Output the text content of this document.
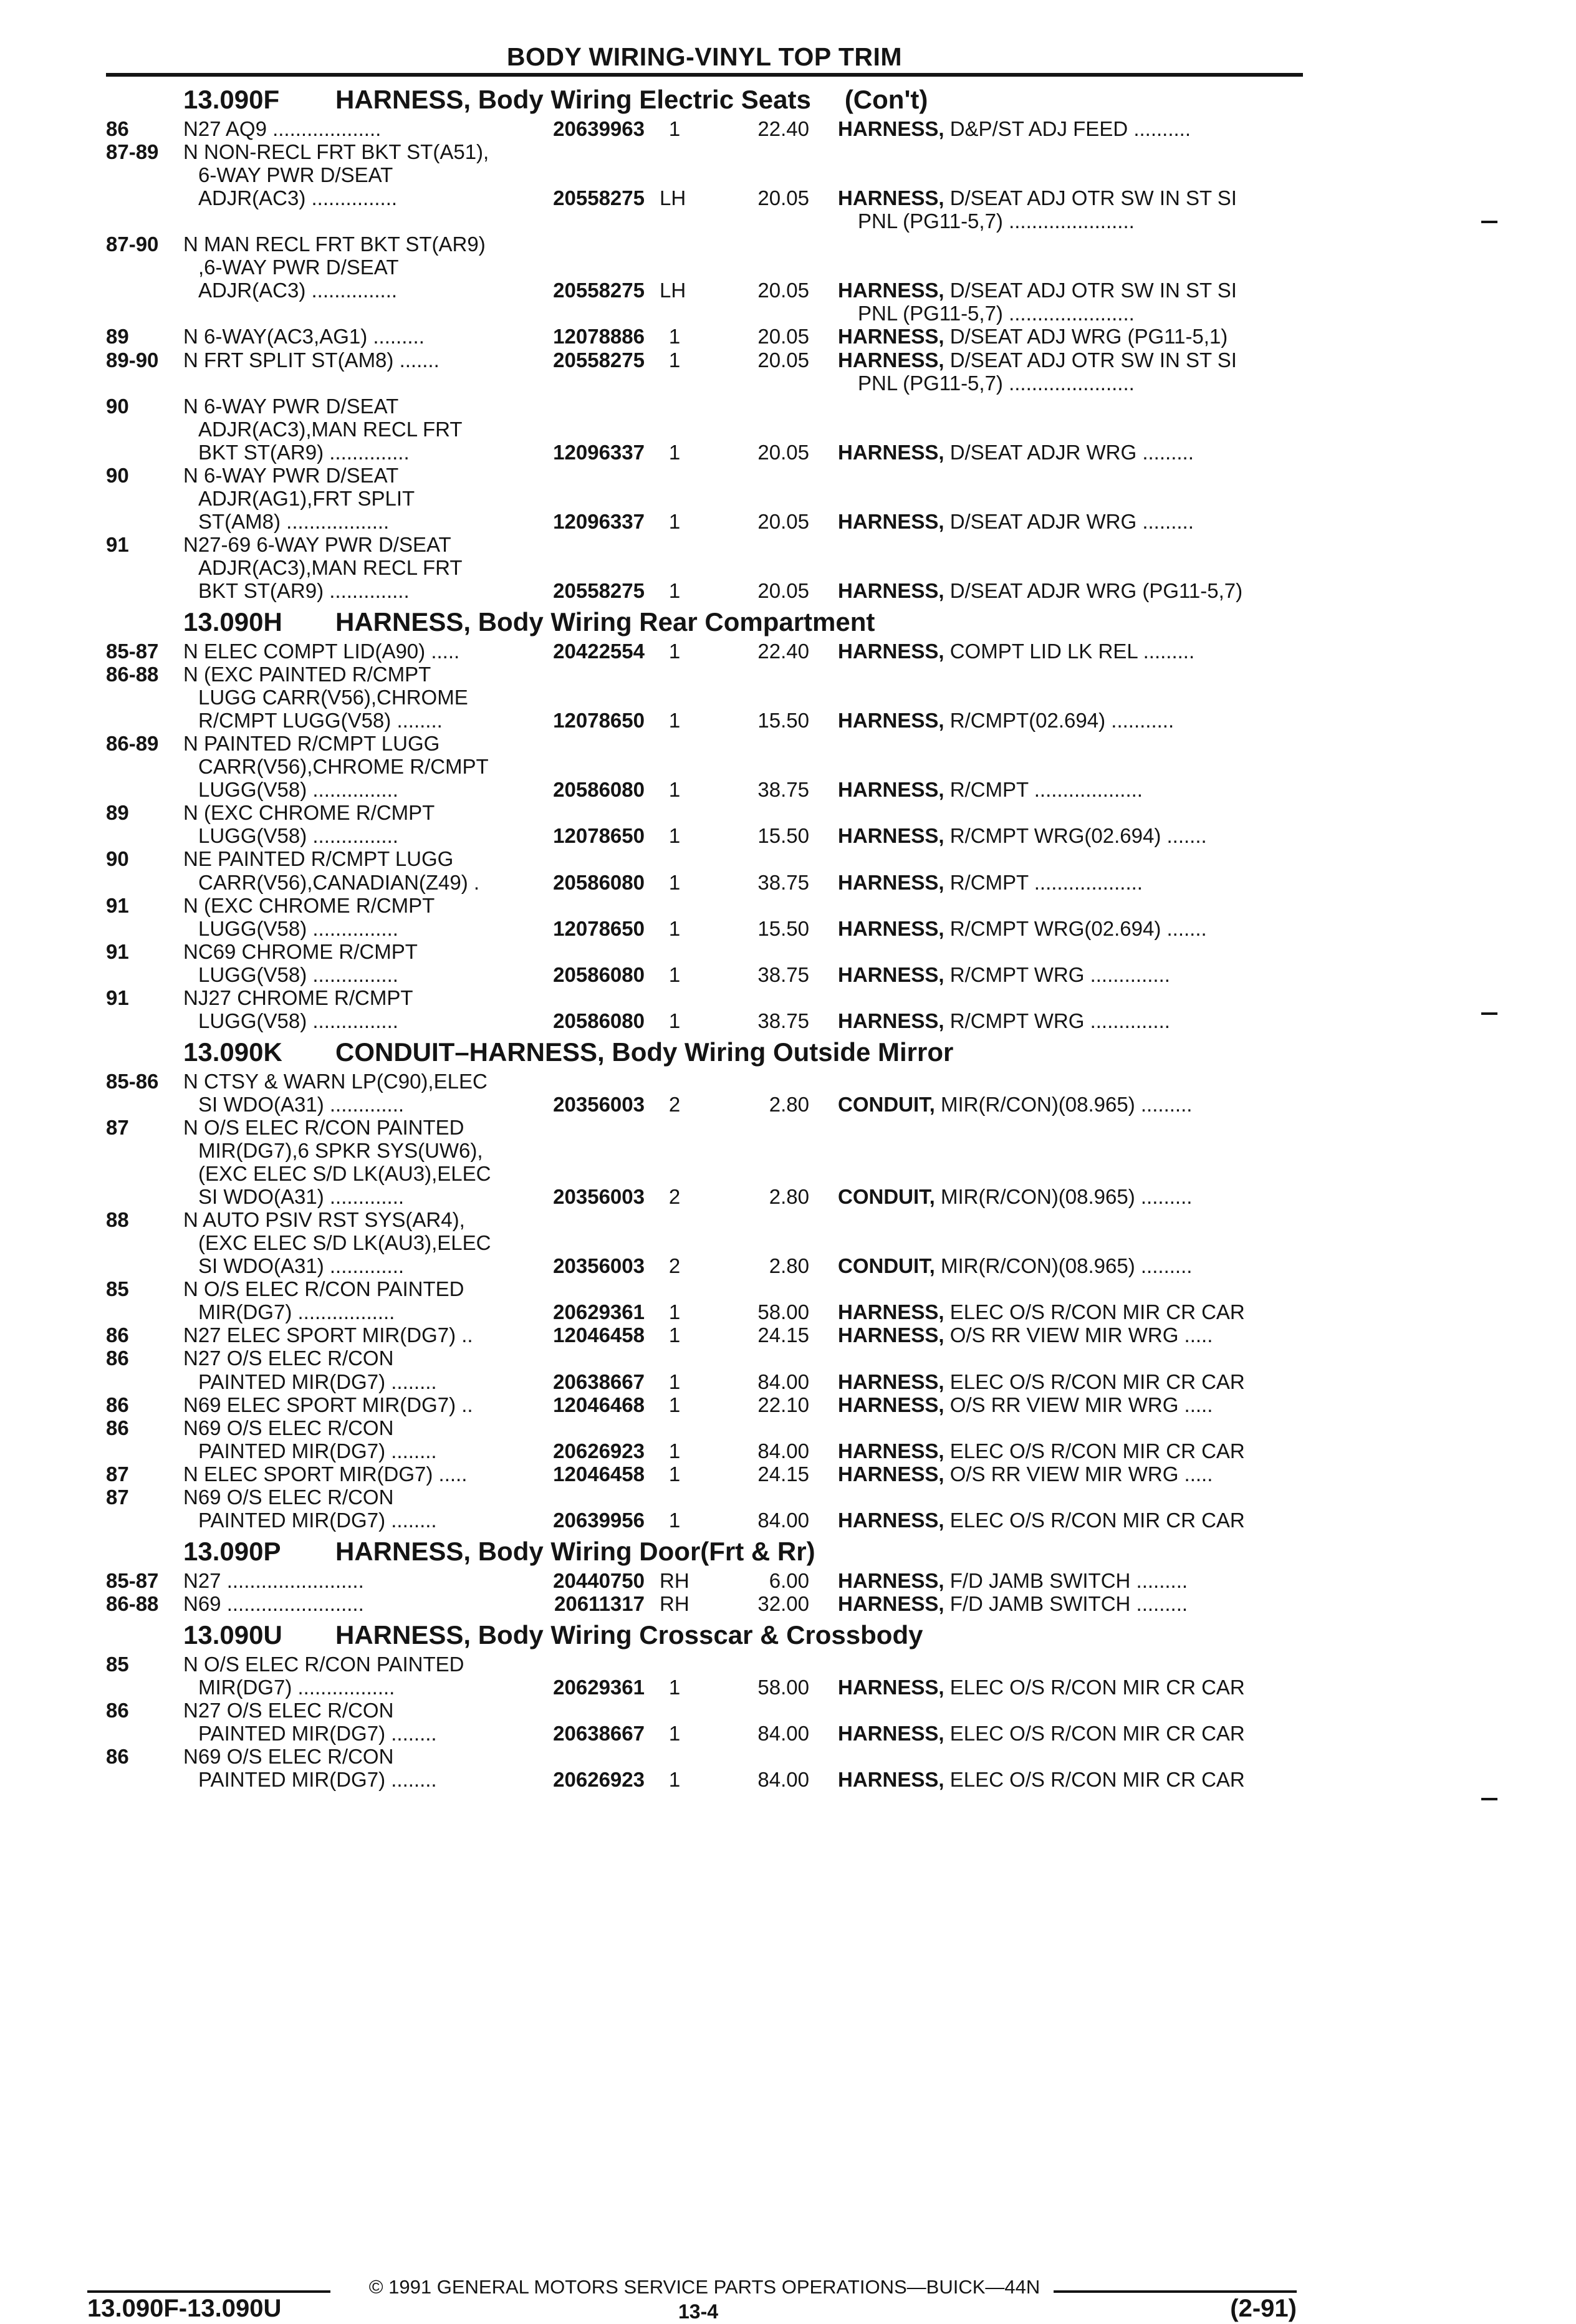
BODY WIRING-VINYL TOP TRIM
13.090F HARNESS, Body Wiring Electric Seats (Con't)
86	N27 AQ9 ...................	20639963	1	22.40 HARNESS, D&P/ST ADJ FEED ..........
87-89	N NON-RECL FRT BKT ST(A51),
6-WAY PWR D/SEAT
ADJR(AC3) ...............	20558275 LH	20.05 HARNESS, D/SEAT ADJ OTR SW IN ST SI
PNL (PG11-5,7) ......................
87-90	N MAN RECL FRT BKT ST(AR9)
,6-WAY PWR D/SEAT
ADJR(AC3) ...............	20558275 LH	20.05 HARNESS, D/SEAT ADJ OTR SW IN ST SI
PNL (PG11-5,7) ......................
89	N 6-WAY(AC3,AG1) .........	12078886	1	20.05 HARNESS, D/SEAT ADJ WRG (PG11-5,1)
89-90	N FRT SPLIT ST(AM8) .......	20558275	1	20.05 HARNESS, D/SEAT ADJ OTR SW IN ST SI
PNL (PG11-5,7) ......................
90	N 6-WAY PWR D/SEAT
ADJR(AC3),MAN RECL FRT
BKT ST(AR9) ..............	12096337	1	20.05 HARNESS, D/SEAT ADJR WRG .........
90	N 6-WAY PWR D/SEAT
ADJR(AG1),FRT SPLIT
ST(AM8) ..................	12096337	1	20.05 HARNESS, D/SEAT ADJR WRG .........
91	N27-69 6-WAY PWR D/SEAT
ADJR(AC3),MAN RECL FRT
BKT ST(AR9) ..............	20558275	1	20.05 HARNESS, D/SEAT ADJR WRG (PG11-5,7)
13.090H HARNESS, Body Wiring Rear Compartment
85-87	N ELEC COMPT LID(A90) .....	20422554	1	22.40 HARNESS, COMPT LID LK REL .........
86-88	N (EXC PAINTED R/CMPT
LUGG CARR(V56),CHROME
R/CMPT LUGG(V58) ........	12078650	1	15.50 HARNESS, R/CMPT(02.694) ...........
86-89	N PAINTED R/CMPT LUGG
CARR(V56),CHROME R/CMPT
LUGG(V58) ...............	20586080	1	38.75 HARNESS, R/CMPT ...................
89	N (EXC CHROME R/CMPT
LUGG(V58) ...............	12078650	1	15.50 HARNESS, R/CMPT WRG(02.694) .......
90	NE PAINTED R/CMPT LUGG
CARR(V56),CANADIAN(Z49) .	20586080	1	38.75 HARNESS, R/CMPT ...................
91	N (EXC CHROME R/CMPT
LUGG(V58) ...............	12078650	1	15.50 HARNESS, R/CMPT WRG(02.694) .......
91	NC69 CHROME R/CMPT
LUGG(V58) ...............	20586080	1	38.75 HARNESS, R/CMPT WRG ..............
91	NJ27 CHROME R/CMPT
LUGG(V58) ...............	20586080	1	38.75 HARNESS, R/CMPT WRG ..............
13.090K CONDUIT–HARNESS, Body Wiring Outside Mirror
85-86	N CTSY & WARN LP(C90),ELEC
SI WDO(A31) .............	20356003	2	2.80 CONDUIT, MIR(R/CON)(08.965) .........
87	N O/S ELEC R/CON PAINTED
MIR(DG7),6 SPKR SYS(UW6),
(EXC ELEC S/D LK(AU3),ELEC
SI WDO(A31) .............	20356003	2	2.80 CONDUIT, MIR(R/CON)(08.965) .........
88	N AUTO PSIV RST SYS(AR4),
(EXC ELEC S/D LK(AU3),ELEC
SI WDO(A31) .............	20356003	2	2.80 CONDUIT, MIR(R/CON)(08.965) .........
85	N O/S ELEC R/CON PAINTED
MIR(DG7) .................	20629361	1	58.00 HARNESS, ELEC O/S R/CON MIR CR CAR
86	N27 ELEC SPORT MIR(DG7) ..	12046458	1	24.15 HARNESS, O/S RR VIEW MIR WRG .....
86	N27 O/S ELEC R/CON
PAINTED MIR(DG7) ........	20638667	1	84.00 HARNESS, ELEC O/S R/CON MIR CR CAR
86	N69 ELEC SPORT MIR(DG7) ..	12046468	1	22.10 HARNESS, O/S RR VIEW MIR WRG .....
86	N69 O/S ELEC R/CON
PAINTED MIR(DG7) ........	20626923	1	84.00 HARNESS, ELEC O/S R/CON MIR CR CAR
87	N ELEC SPORT MIR(DG7) .....	12046458	1	24.15 HARNESS, O/S RR VIEW MIR WRG .....
87	N69 O/S ELEC R/CON
PAINTED MIR(DG7) ........	20639956	1	84.00 HARNESS, ELEC O/S R/CON MIR CR CAR
13.090P HARNESS, Body Wiring Door(Frt & Rr)
85-87	N27 ........................	20440750 RH	6.00 HARNESS, F/D JAMB SWITCH .........
86-88	N69 ........................	20611317 RH	32.00 HARNESS, F/D JAMB SWITCH .........
13.090U HARNESS, Body Wiring Crosscar & Crossbody
85	N O/S ELEC R/CON PAINTED
MIR(DG7) .................	20629361	1	58.00 HARNESS, ELEC O/S R/CON MIR CR CAR
86	N27 O/S ELEC R/CON
PAINTED MIR(DG7) ........	20638667	1	84.00 HARNESS, ELEC O/S R/CON MIR CR CAR
86	N69 O/S ELEC R/CON
PAINTED MIR(DG7) ........	20626923	1	84.00 HARNESS, ELEC O/S R/CON MIR CR CAR
© 1991 GENERAL MOTORS SERVICE PARTS OPERATIONS—BUICK—44N
13.090F-13.090U	13-4	(2-91)
